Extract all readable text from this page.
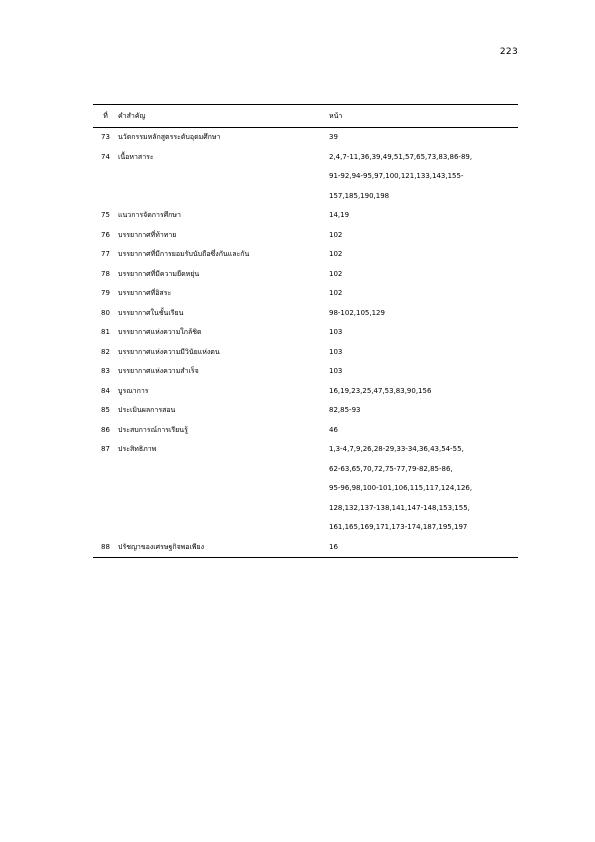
223
ที่	คำสำคัญ	หน้า
73	นวัตกรรมหลักสูตรระดับอุดมศึกษา	39

74	เนื้อหาสาระ	2,4,7-11,36,39,49,51,57,65,73,83,86-89,
91-92,94-95,97,100,121,133,143,155-
157,185,190,198

75	แนวการจัดการศึกษา	14,19

76	บรรยากาศที่ท้าทาย	102

77	บรรยากาศที่มีการยอมรับนับถือซึ่งกันและกัน	102

78	บรรยากาศที่มีความยืดหยุ่น	102

79	บรรยากาศที่อิสระ	102

80	บรรยากาศในชั้นเรียน	98-102,105,129

81	บรรยากาศแห่งความใกล้ชิด	103

82	บรรยากาศแห่งความมีวินัยแห่งตน	103

83	บรรยากาศแห่งความสำเร็จ	103

84	บูรณาการ	16,19,23,25,47,53,83,90,156

85	ประเมินผลการสอน	82,85-93

86	ประสบการณ์การเรียนรู้	46

87	ประสิทธิภาพ	1,3-4,7,9,26,28-29,33-34,36,43,54-55,
62-63,65,70,72,75-77,79-82,85-86,
95-96,98,100-101,106,115,117,124,126,
128,132,137-138,141,147-148,153,155,
161,165,169,171,173-174,187,195,197

88	ปรัชญาของเศรษฐกิจพอเพียง	16
